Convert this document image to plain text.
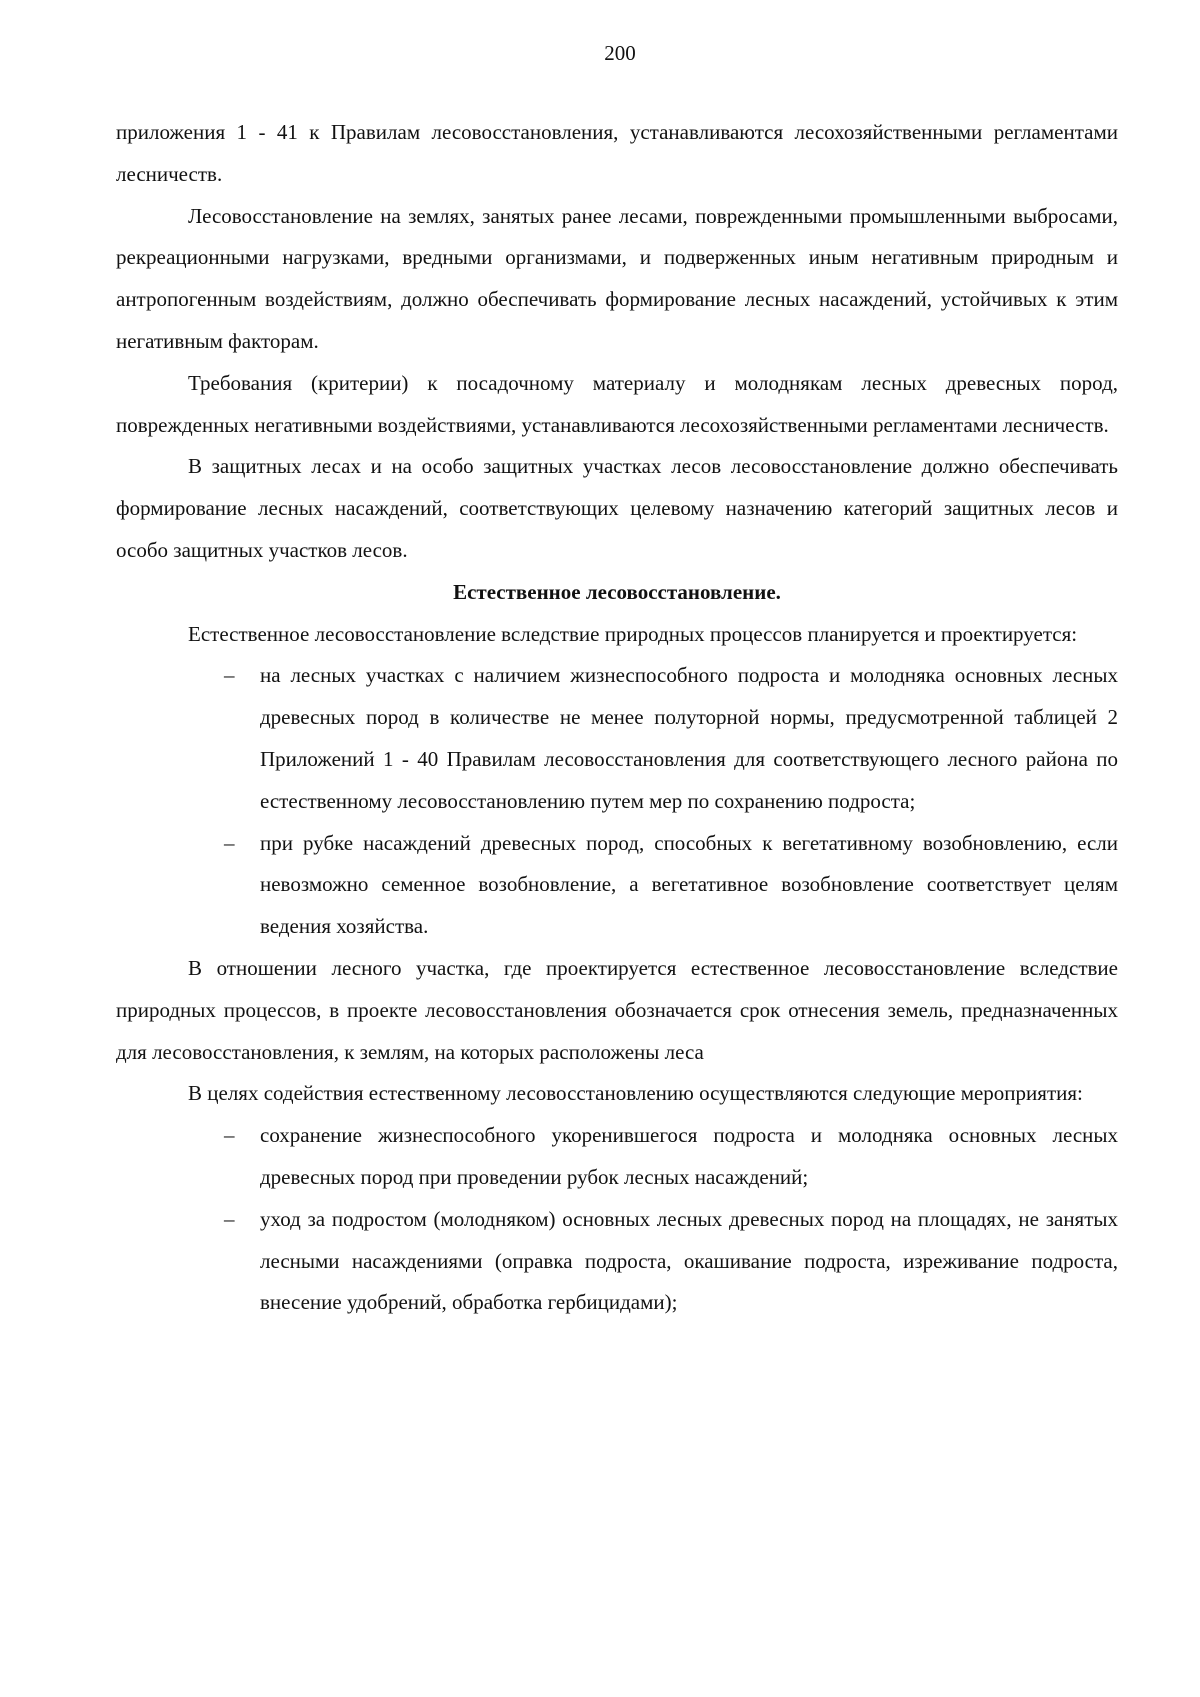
200

приложения 1 - 41 к Правилам лесовосстановления, устанавливаются лесохозяйственными регламентами лесничеств.

Лесовосстановление на землях, занятых ранее лесами, поврежденными промышленными выбросами, рекреационными нагрузками, вредными организмами, и подверженных иным негативным природным и антропогенным воздействиям, должно обеспечивать формирование лесных насаждений, устойчивых к этим негативным факторам.

Требования (критерии) к посадочному материалу и молоднякам лесных древесных пород, поврежденных негативными воздействиями, устанавливаются лесохозяйственными регламентами лесничеств.

В защитных лесах и на особо защитных участках лесов лесовосстановление должно обеспечивать формирование лесных насаждений, соответствующих целевому назначению категорий защитных лесов и особо защитных участков лесов.

Естественное лесовосстановление.

Естественное лесовосстановление вследствие природных процессов планируется и проектируется:

– на лесных участках с наличием жизнеспособного подроста и молодняка основных лесных древесных пород в количестве не менее полуторной нормы, предусмотренной таблицей 2 Приложений 1 - 40 Правилам лесовосстановления для соответствующего лесного района по естественному лесовосстановлению путем мер по сохранению подроста;
– при рубке насаждений древесных пород, способных к вегетативному возобновлению, если невозможно семенное возобновление, а вегетативное возобновление соответствует целям ведения хозяйства.

В отношении лесного участка, где проектируется естественное лесовосстановление вследствие природных процессов, в проекте лесовосстановления обозначается срок отнесения земель, предназначенных для лесовосстановления, к землям, на которых расположены леса

В целях содействия естественному лесовосстановлению осуществляются следующие мероприятия:

– сохранение жизнеспособного укоренившегося подроста и молодняка основных лесных древесных пород при проведении рубок лесных насаждений;
– уход за подростом (молодняком) основных лесных древесных пород на площадях, не занятых лесными насаждениями (оправка подроста, окашивание подроста, изреживание подроста, внесение удобрений, обработка гербицидами);
